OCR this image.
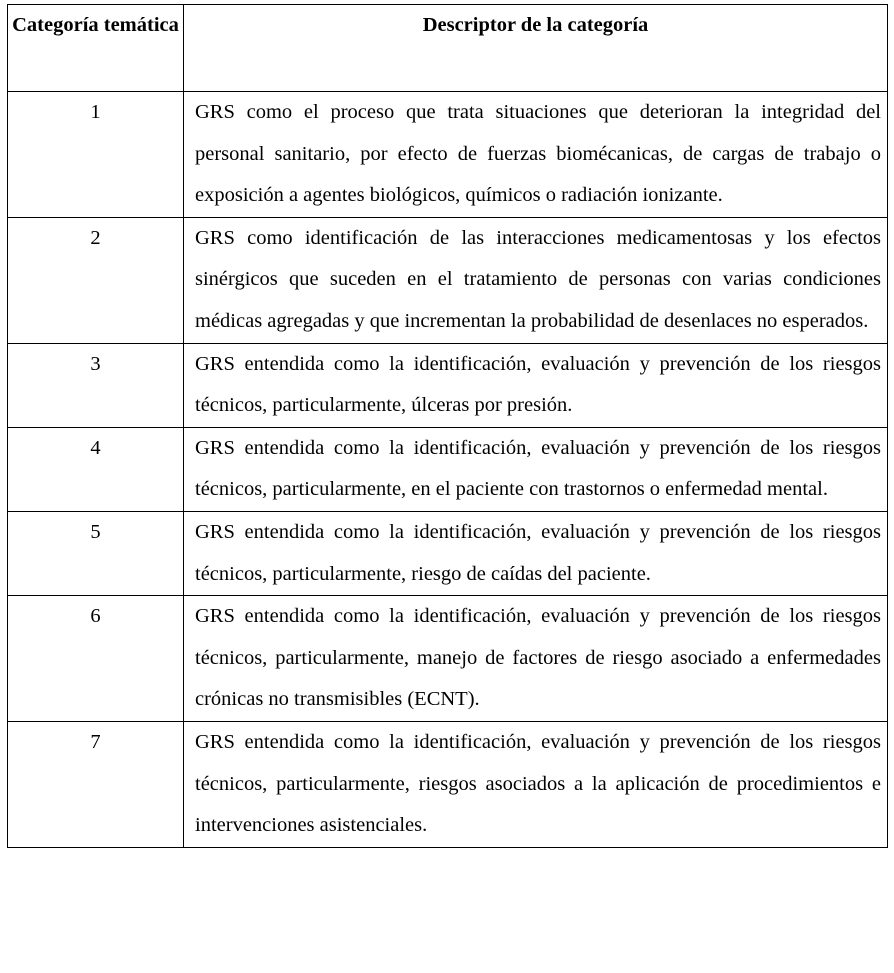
Categoría temática	Descriptor de la categoría
1	GRS como el proceso que trata situaciones que deterioran la integridad del personal sanitario, por efecto de fuerzas biomécanicas, de cargas de trabajo o exposición a agentes biológicos, químicos o radiación ionizante.
2	GRS como identificación de las interacciones medicamentosas y los efectos sinérgicos que suceden en el tratamiento de personas con varias condiciones médicas agregadas y que incrementan la probabilidad de desenlaces no esperados.
3	GRS entendida como la identificación, evaluación y prevención de los riesgos técnicos, particularmente, úlceras por presión.
4	GRS entendida como la identificación, evaluación y prevención de los riesgos técnicos, particularmente, en el paciente con trastornos o enfermedad mental.
5	GRS entendida como la identificación, evaluación y prevención de los riesgos técnicos, particularmente, riesgo de caídas del paciente.
6	GRS entendida como la identificación, evaluación y prevención de los riesgos técnicos, particularmente, manejo de factores de riesgo asociado a enfermedades crónicas no transmisibles (ECNT).
7	GRS entendida como la identificación, evaluación y prevención de los riesgos técnicos, particularmente, riesgos asociados a la aplicación de procedimientos e intervenciones asistenciales.
